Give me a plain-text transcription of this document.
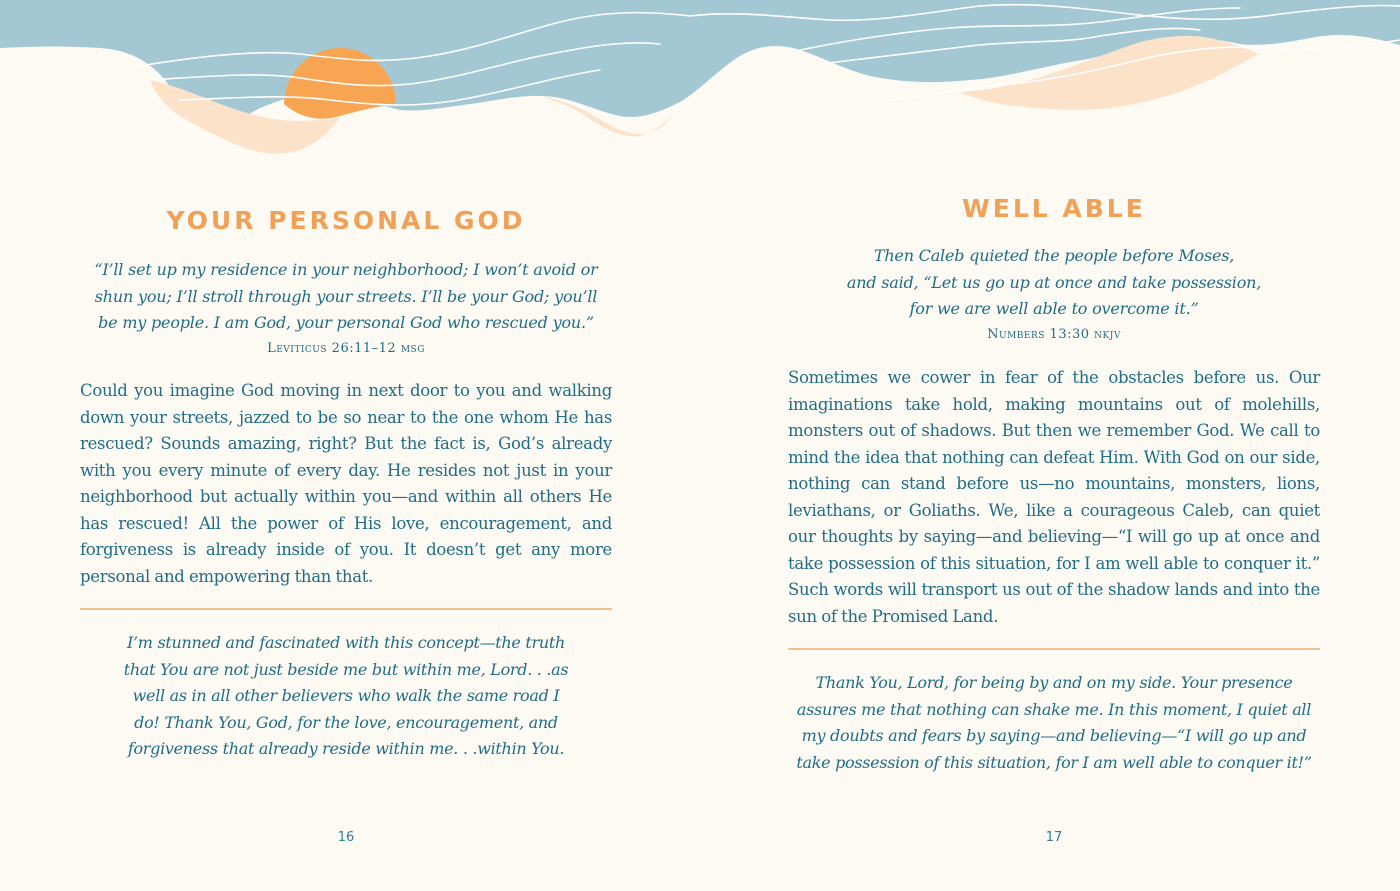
YOUR PERSONAL GOD

“I’ll set up my residence in your neighborhood; I won’t avoid or

shun you; I’ll stroll through your streets. I’ll be your God; you’ll

be my people. I am God, your personal God who rescued you.”

Leviticus 26:11–12 msg

Could you imagine God moving in next door to you and walking down your streets, jazzed to be so near to the one whom He has rescued? Sounds amazing, right? But the fact is, God’s already with you every minute of every day. He resides not just in your neighborhood but actually within you—and within all others He has rescued! All the power of His love, encouragement, and forgiveness is already inside of you. It doesn’t get any more personal and empowering than that.

I’m stunned and fascinated with this concept—the truth

that You are not just beside me but within me, Lord. . .as

well as in all other believers who walk the same road I

do! Thank You, God, for the love, encouragement, and

forgiveness that already reside within me. . .within You.

16
WELL ABLE

Then Caleb quieted the people before Moses,

and said, “Let us go up at once and take possession,

for we are well able to overcome it.”

Numbers 13:30 nkjv

Sometimes we cower in fear of the obstacles before us. Our imaginations take hold, making mountains out of molehills, monsters out of shadows. But then we remember God. We call to mind the idea that nothing can defeat Him. With God on our side, nothing can stand before us—no mountains, monsters, lions, leviathans, or Goliaths. We, like a courageous Caleb, can quiet our thoughts by saying—and believing—“I will go up at once and take possession of this situation, for I am well able to conquer it.” Such words will transport us out of the shadow lands and into the sun of the Promised Land.

Thank You, Lord, for being by and on my side. Your presence

assures me that nothing can shake me. In this moment, I quiet all

my doubts and fears by saying—and believing—“I will go up and

take possession of this situation, for I am well able to conquer it!”

17
